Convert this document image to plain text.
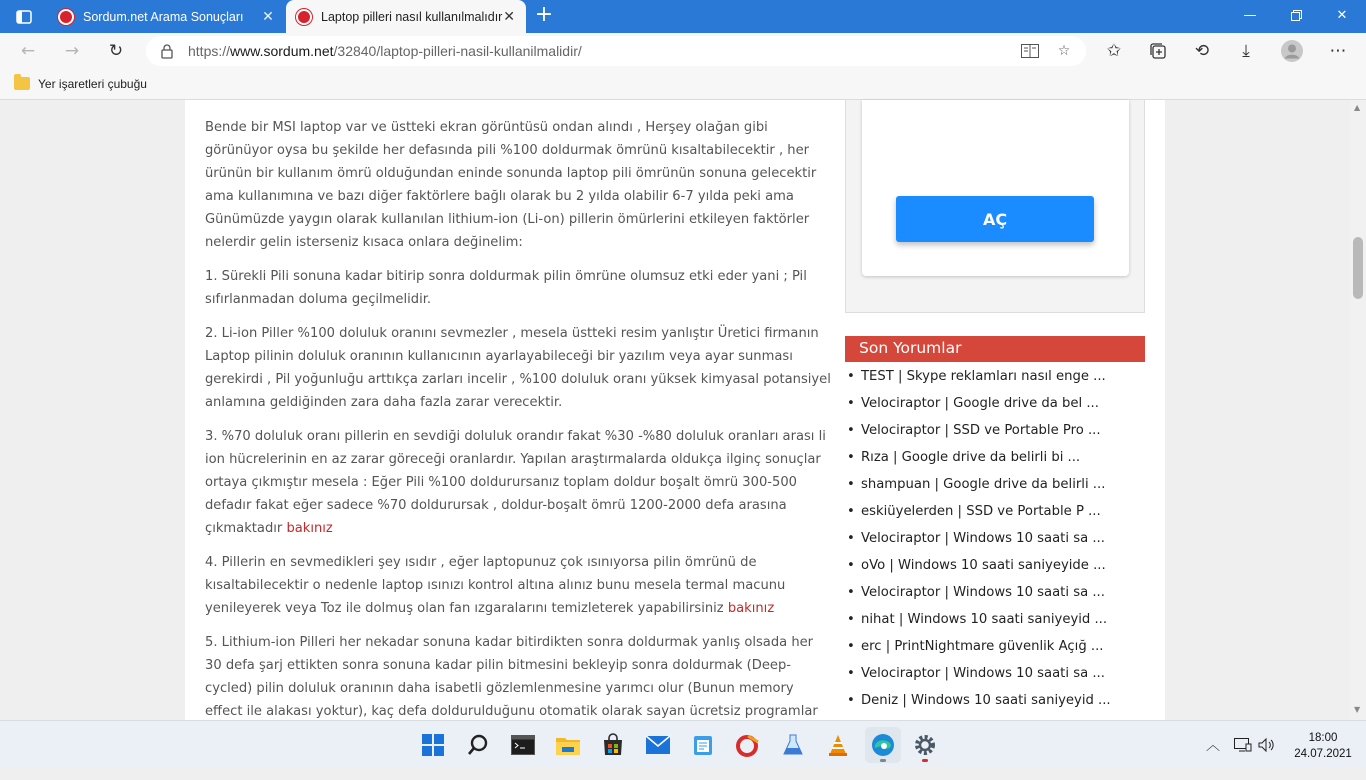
Sordum.net Arama Sonuçları	✕	Laptop pilleri nasıl kullanılmalıdır ✕ +	—	✕
← → ↻	https://www.sordum.net/32840/laptop-pilleri-nasil-kullanilmalidir/	☆ ✩	⟲ ⤓	⋯
Yer işaretleri çubuğu

Bende bir MSI laptop var ve üstteki ekran görüntüsü ondan alındı , Herşey olağan gibi görünüyor oysa bu şekilde her defasında pili %100 doldurmak ömrünü kısaltabilecektir , her ürünün bir kullanım ömrü olduğundan eninde sonunda laptop pili ömrünün sonuna gelecektir ama kullanımına ve bazı diğer faktörlere bağlı olarak bu 2 yılda olabilir 6-7 yılda peki ama Günümüzde yaygın olarak kullanılan lithium-ion (Li-on) pillerin ömürlerini etkileyen faktörler nelerdir gelin isterseniz kısaca onlara değinelim:

1. Sürekli Pili sonuna kadar bitirip sonra doldurmak pilin ömrüne olumsuz etki eder yani ; Pil sıfırlanmadan doluma geçilmelidir.

2. Li-ion Piller %100 doluluk oranını sevmezler , mesela üstteki resim yanlıştır Üretici firmanın Laptop pilinin doluluk oranının kullanıcının ayarlayabileceği bir yazılım veya ayar sunması gerekirdi , Pil yoğunluğu arttıkça zarları incelir , %100 doluluk oranı yüksek kimyasal potansiyel anlamına geldiğinden zara daha fazla zarar verecektir.

3. %70 doluluk oranı pillerin en sevdiği doluluk orandır fakat %30 -%80 doluluk oranları arası li ion hücrelerinin en az zarar göreceği oranlardır. Yapılan araştırmalarda oldukça ilginç sonuçlar ortaya çıkmıştır mesela : Eğer Pili %100 doldurursanız toplam doldur boşalt ömrü 300-500 defadır fakat eğer sadece %70 doldurursak , doldur-boşalt ömrü 1200-2000 defa arasına çıkmaktadır bakınız

4. Pillerin en sevmedikleri şey ısıdır , eğer laptopunuz çok ısınıyorsa pilin ömrünü de kısaltabilecektir o nedenle laptop ısınızı kontrol altına alınız bunu mesela termal macunu yenileyerek veya Toz ile dolmuş olan fan ızgaralarını temizleterek yapabilirsiniz bakınız

5. Lithium-ion Pilleri her nekadar sonuna kadar bitirdikten sonra doldurmak yanlış olsada her 30 defa şarj ettikten sonra sonuna kadar pilin bitmesini bekleyip sonra doldurmak (Deep-cycled) pilin doluluk oranının daha isabetli gözlemlenmesine yarımcı olur (Bunun memory effect ile alakası yoktur), kaç defa doldurulduğunu otomatik olarak sayan ücretsiz programlar

AÇ
Son Yorumlar
• TEST | Skype reklamları nasıl enge ...
• Velociraptor | Google drive da bel ...
• Velociraptor | SSD ve Portable Pro ...
• Rıza | Google drive da belirli bi ...
• shampuan | Google drive da belirli ...
• eskiüyelerden | SSD ve Portable P ...
• Velociraptor | Windows 10 saati sa ...
• oVo | Windows 10 saati saniyeyide ...
• Velociraptor | Windows 10 saati sa ...
• nihat | Windows 10 saati saniyeyid ...
• erc | PrintNightmare güvenlik Açığ ...
• Velociraptor | Windows 10 saati sa ...
• Deniz | Windows 10 saati saniyeyid ...
▲
▼
︿	18:00
24.07.2021
